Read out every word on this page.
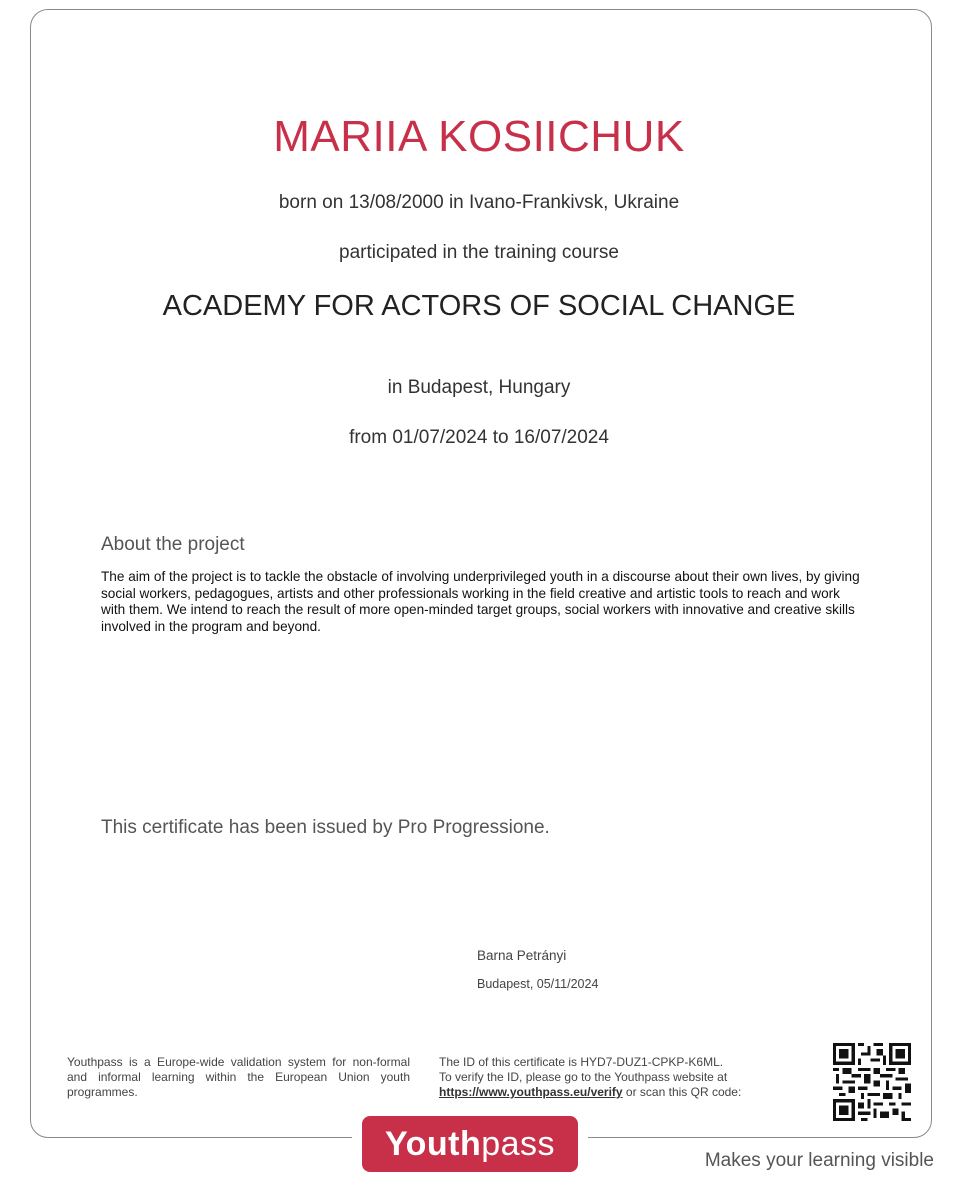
MARIIA KOSIICHUK
born on 13/08/2000 in Ivano-Frankivsk, Ukraine
participated in the training course
ACADEMY FOR ACTORS OF SOCIAL CHANGE
in Budapest, Hungary
from 01/07/2024 to 16/07/2024
About the project
The aim of the project is to tackle the obstacle of involving underprivileged youth in a discourse about their own lives, by giving social workers, pedagogues, artists and other professionals working in the field creative and artistic tools to reach and work with them. We intend to reach the result of more open-minded target groups, social workers with innovative and creative skills involved in the program and beyond.
This certificate has been issued by Pro Progressione.
Barna Petrányi
Budapest, 05/11/2024
Youthpass is a Europe-wide validation system for non-formal and informal learning within the European Union youth programmes.
The ID of this certificate is HYD7-DUZ1-CPKP-K6ML.
To verify the ID, please go to the Youthpass website at
https://www.youthpass.eu/verify or scan this QR code:
Youthpass	Makes your learning visible
